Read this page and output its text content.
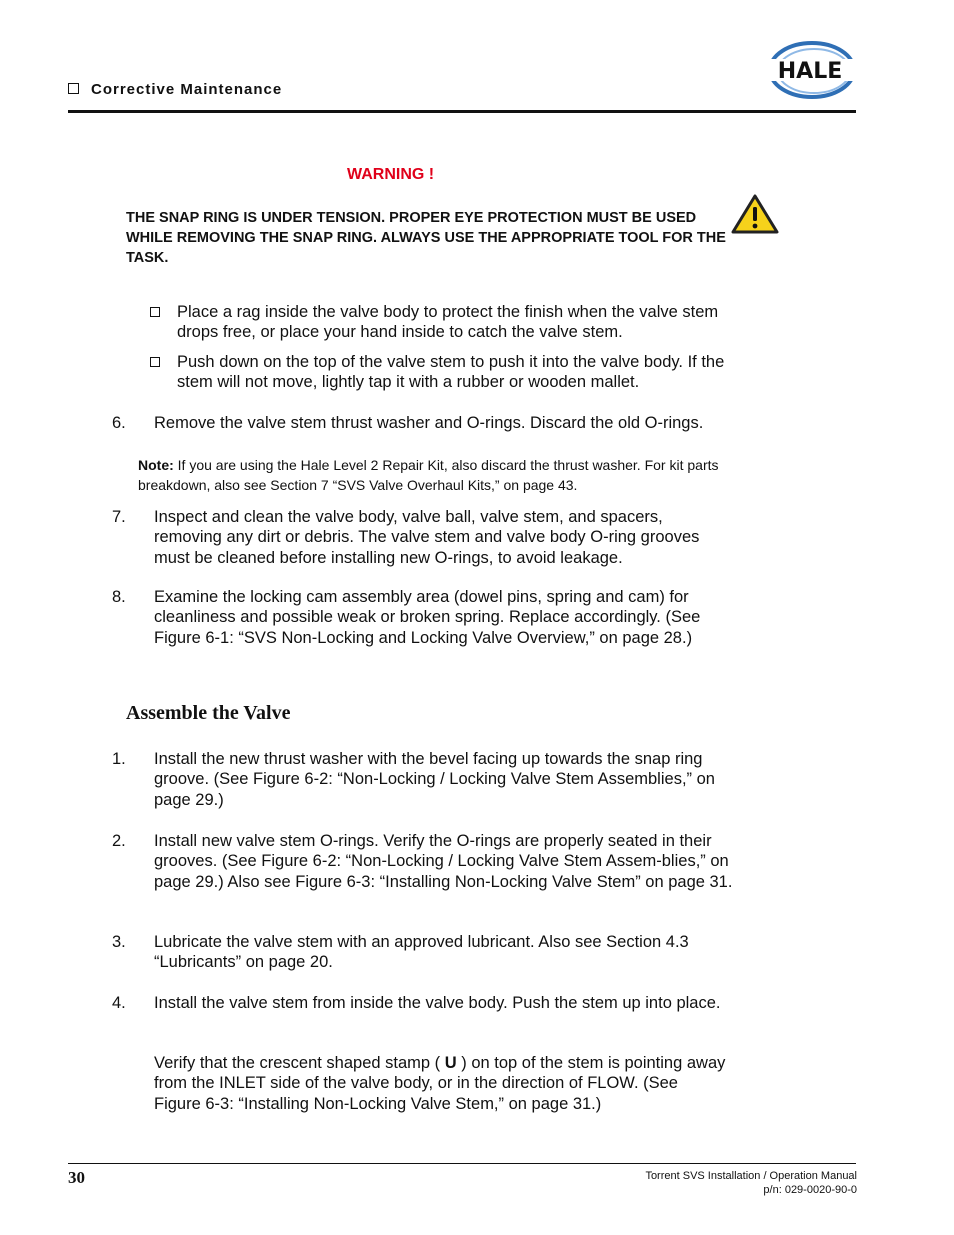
Corrective Maintenance
HALE
WARNING !
THE SNAP RING IS UNDER TENSION. PROPER EYE PROTECTION MUST BE USED WHILE REMOVING THE SNAP RING. ALWAYS USE THE APPROPRIATE TOOL FOR THE TASK.
Place a rag inside the valve body to protect the finish when the valve stem drops free, or place your hand inside to catch the valve stem.
Push down on the top of the valve stem to push it into the valve body. If the stem will not move, lightly tap it with a rubber or wooden mallet.
6. Remove the valve stem thrust washer and O-rings. Discard the old O-rings.
Note: If you are using the Hale Level 2 Repair Kit, also discard the thrust washer. For kit parts breakdown, also see Section 7 “SVS Valve Overhaul Kits,” on page 43.
7. Inspect and clean the valve body, valve ball, valve stem, and spacers, removing any dirt or debris. The valve stem and valve body O-ring grooves must be cleaned before installing new O-rings, to avoid leakage.
8. Examine the locking cam assembly area (dowel pins, spring and cam) for cleanliness and possible weak or broken spring. Replace accordingly. (See Figure 6-1: “SVS Non-Locking and Locking Valve Overview,” on page 28.)
Assemble the Valve
1. Install the new thrust washer with the bevel facing up towards the snap ring groove. (See Figure 6-2: “Non-Locking / Locking Valve Stem Assemblies,” on page 29.)
2. Install new valve stem O-rings. Verify the O-rings are properly seated in their grooves. (See Figure 6-2: “Non-Locking / Locking Valve Stem Assem-blies,” on page 29.) Also see Figure 6-3: “Installing Non-Locking Valve Stem” on page 31.
3. Lubricate the valve stem with an approved lubricant. Also see Section 4.3 “Lubricants” on page 20.
4. Install the valve stem from inside the valve body. Push the stem up into place.
Verify that the crescent shaped stamp ( U ) on top of the stem is pointing away from the INLET side of the valve body, or in the direction of FLOW. (See Figure 6-3: “Installing Non-Locking Valve Stem,” on page 31.)
30	Torrent SVS Installation / Operation Manual
p/n: 029-0020-90-0
